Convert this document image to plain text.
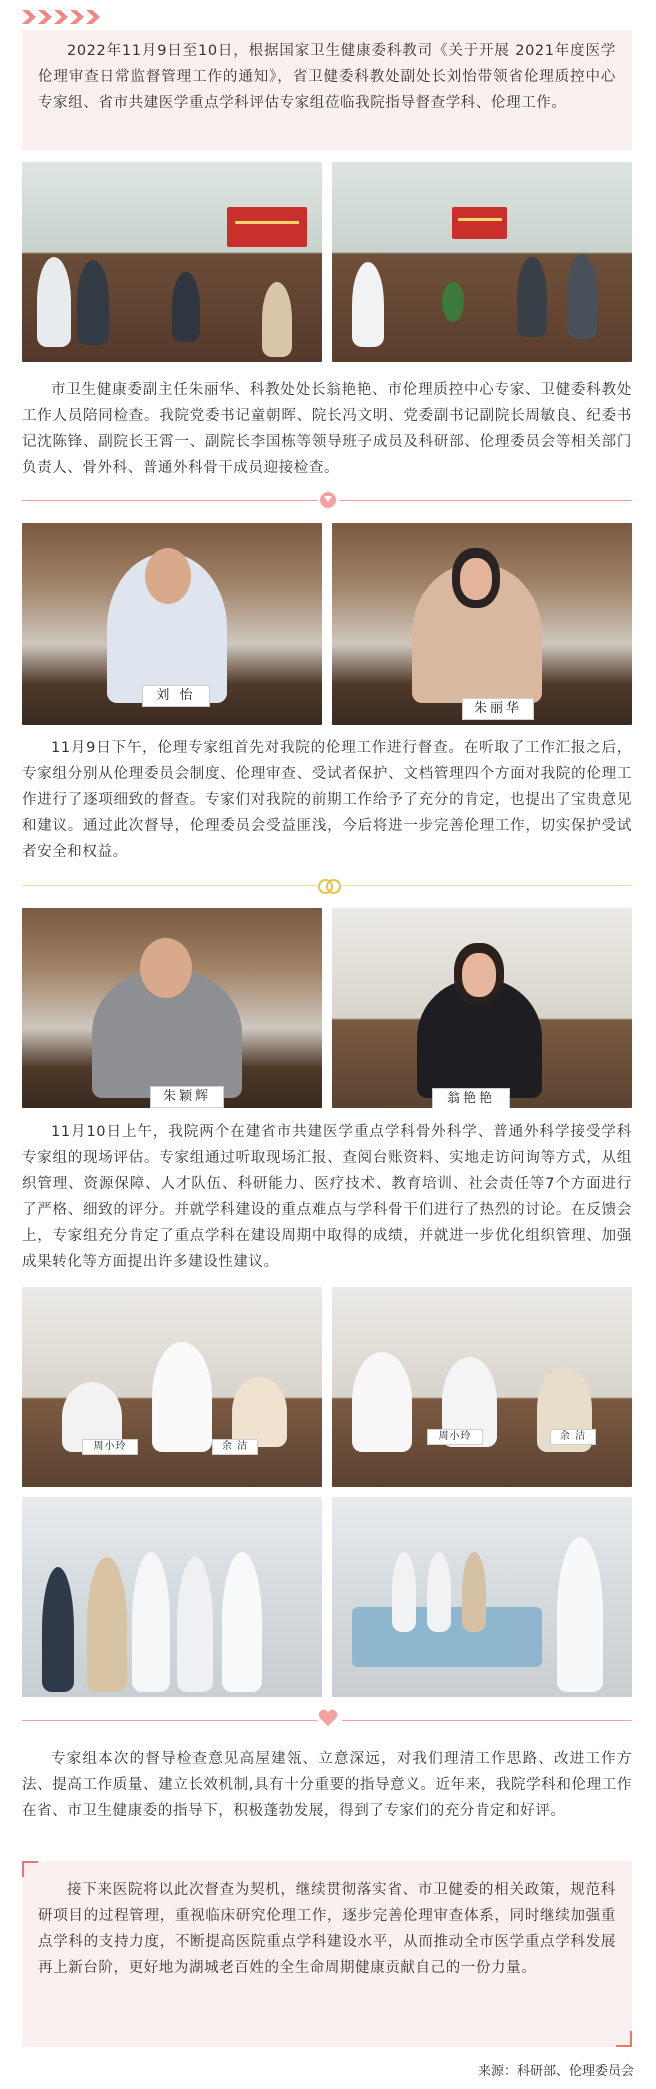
2022年11月9日至10日，根据国家卫生健康委科教司《关于开展 2021年度医学伦理审查日常监督管理工作的通知》，省卫健委科教处副处长刘怡带领省伦理质控中心专家组、省市共建医学重点学科评估专家组莅临我院指导督查学科、伦理工作。

市卫生健康委副主任朱丽华、科教处处长翁艳艳、市伦理质控中心专家、卫健委科教处工作人员陪同检查。我院党委书记童朝晖、院长冯文明、党委副书记副院长周敏良、纪委书记沈陈锋、副院长王霄一、副院长李国栋等领导班子成员及科研部、伦理委员会等相关部门负责人、骨外科、普通外科骨干成员迎接检查。

刘 怡
朱丽华

11月9日下午，伦理专家组首先对我院的伦理工作进行督查。在听取了工作汇报之后，专家组分别从伦理委员会制度、伦理审查、受试者保护、文档管理四个方面对我院的伦理工作进行了逐项细致的督查。专家们对我院的前期工作给予了充分的肯定，也提出了宝贵意见和建议。通过此次督导，伦理委员会受益匪浅，今后将进一步完善伦理工作，切实保护受试者安全和权益。

朱颖辉	翁艳艳

11月10日上午，我院两个在建省市共建医学重点学科骨外科学、普通外科学接受学科专家组的现场评估。专家组通过听取现场汇报、查阅台账资料、实地走访问询等方式，从组织管理、资源保障、人才队伍、科研能力、医疗技术、教育培训、社会责任等7个方面进行了严格、细致的评分。并就学科建设的重点难点与学科骨干们进行了热烈的讨论。在反馈会上，专家组充分肯定了重点学科在建设周期中取得的成绩，并就进一步优化组织管理、加强成果转化等方面提出许多建设性建议。

周小玲	余 洁
周小玲	余 洁

专家组本次的督导检查意见高屋建瓴、立意深远，对我们理清工作思路、改进工作方法、提高工作质量、建立长效机制,具有十分重要的指导意义。近年来，我院学科和伦理工作在省、市卫生健康委的指导下，积极蓬勃发展，得到了专家们的充分肯定和好评。

接下来医院将以此次督查为契机，继续贯彻落实省、市卫健委的相关政策，规范科研项目的过程管理，重视临床研究伦理工作，逐步完善伦理审查体系，同时继续加强重点学科的支持力度，不断提高医院重点学科建设水平，从而推动全市医学重点学科发展再上新台阶，更好地为湖城老百姓的全生命周期健康贡献自己的一份力量。

来源：科研部、伦理委员会
